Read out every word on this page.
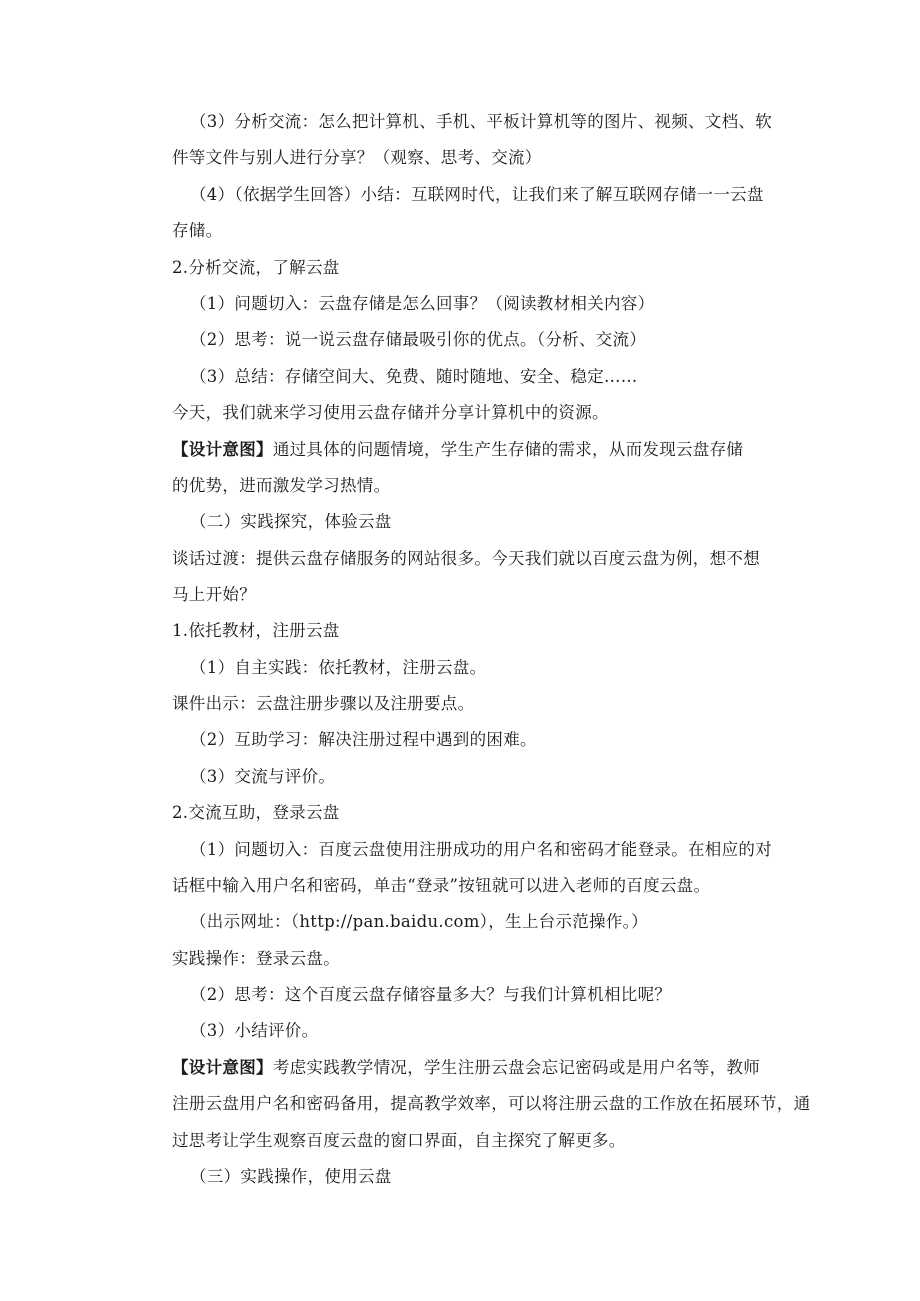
（3）分析交流：怎么把计算机、手机、平板计算机等的图片、视频、文档、软
件等文件与别人进行分享？（观察、思考、交流）
（4）（依据学生回答）小结：互联网时代，让我们来了解互联网存储一一云盘
存储。
2.分析交流，了解云盘
（1）问题切入：云盘存储是怎么回事？（阅读教材相关内容）
（2）思考：说一说云盘存储最吸引你的优点。（分析、交流）
（3）总结：存储空间大、免费、随时随地、安全、稳定……
今天，我们就来学习使用云盘存储并分享计算机中的资源。
【设计意图】通过具体的问题情境，学生产生存储的需求，从而发现云盘存储
的优势，进而激发学习热情。
（二）实践探究，体验云盘
谈话过渡：提供云盘存储服务的网站很多。今天我们就以百度云盘为例，想不想
马上开始？
1.依托教材，注册云盘
（1）自主实践：依托教材，注册云盘。
课件出示：云盘注册步骤以及注册要点。
（2）互助学习：解决注册过程中遇到的困难。
（3）交流与评价。
2.交流互助，登录云盘
（1）问题切入：百度云盘使用注册成功的用户名和密码才能登录。在相应的对
话框中输入用户名和密码，单击“登录”按钮就可以进入老师的百度云盘。
（出示网址：（http://pan.baidu.com），生上台示范操作。）
实践操作：登录云盘。
（2）思考：这个百度云盘存储容量多大？与我们计算机相比呢？
（3）小结评价。
【设计意图】考虑实践教学情况，学生注册云盘会忘记密码或是用户名等，教师
注册云盘用户名和密码备用，提高教学效率，可以将注册云盘的工作放在拓展环节，通
过思考让学生观察百度云盘的窗口界面，自主探究了解更多。
（三）实践操作，使用云盘
